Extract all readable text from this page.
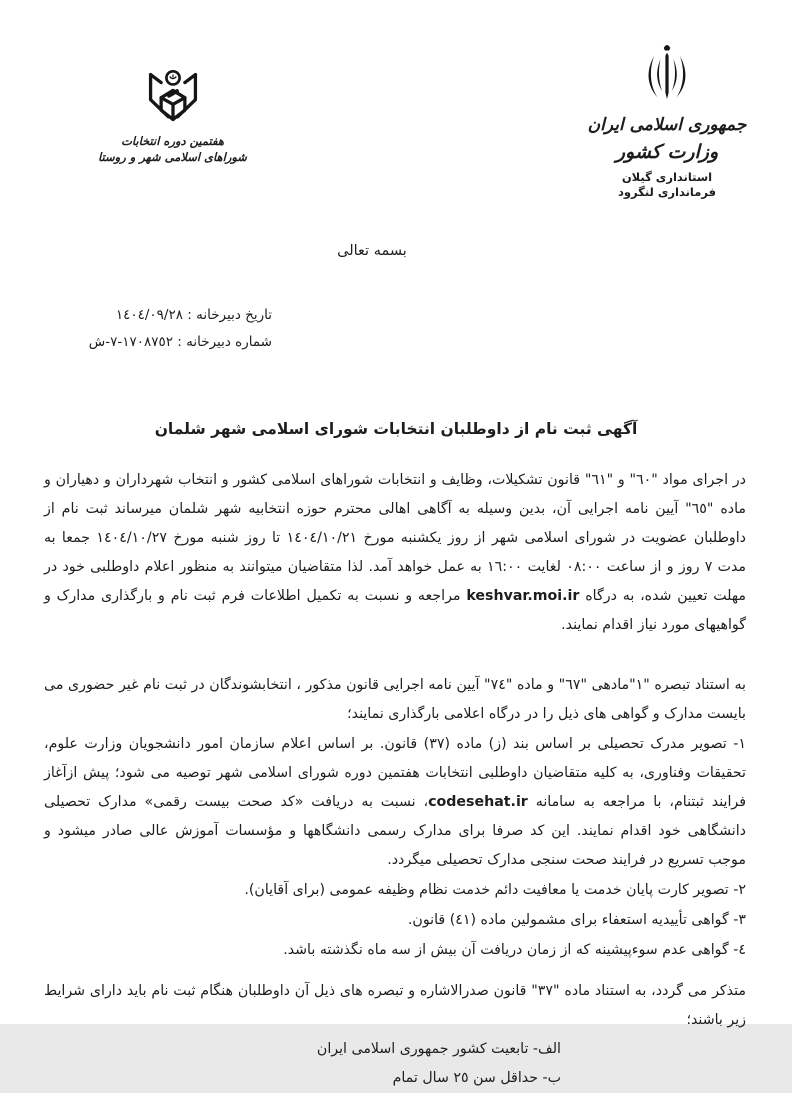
جمهوری اسلامی ایران
وزارت کشور
استانداری گیلان
فرمانداری لنگرود
هفتمین دوره انتخابات
شوراهای اسلامی شهر و روستا
بسمه تعالی
تاریخ دبیرخانه : ١٤٠٤/٠٩/٢٨
شماره دبیرخانه : ١٧٠٨٧٥٢-٧-ش
آگهی ثبت نام از داوطلبان انتخابات شورای اسلامی شهر شلمان

در اجرای مواد "٦٠" و "٦١" قانون تشکیلات، وظایف و انتخابات شوراهای اسلامی کشور و انتخاب شهرداران و دهیاران و ماده "٦٥" آیین نامه اجرایی آن، بدین وسیله به آگاهی اهالی محترم حوزه انتخابیه شهر شلمان میرساند ثبت نام از داوطلبان عضویت در شورای اسلامی شهر از روز یکشنبه مورخ ١٤٠٤/١٠/٢١ تا روز شنبه مورخ ١٤٠٤/١٠/٢٧ جمعا به مدت ٧ روز و از ساعت ٠٨:٠٠ لغایت ١٦:٠٠ به عمل خواهد آمد. لذا متقاضیان میتوانند به منظور اعلام داوطلبی خود در مهلت تعیین شده، به درگاه keshvar.moi.ir مراجعه و نسبت به تکمیل اطلاعات فرم ثبت نام و بارگذاری مدارک و گواهیهای مورد نیاز اقدام نمایند.

به استناد تبصره "١"مادهی "٦٧" و ماده "٧٤" آیین نامه اجرایی قانون مذکور ، انتخابشوندگان در ثبت نام غیر حضوری می بایست مدارک و گواهی های ذیل را در درگاه اعلامی بارگذاری نمایند؛

١- تصویر مدرک تحصیلی بر اساس بند (ز) ماده (٣٧) قانون. بر اساس اعلام سازمان امور دانشجویان وزارت علوم، تحقیقات وفناوری، به کلیه متقاضیان داوطلبی انتخابات هفتمین دوره شورای اسلامی شهر توصیه می شود؛ پیش ازآغاز فرایند ثبتنام، با مراجعه به سامانه codesehat.ir، نسبت به دریافت «کد صحت بیست رقمی» مدارک تحصیلی دانشگاهی خود اقدام نمایند. این کد صرفا برای مدارک رسمی دانشگاهها و مؤسسات آموزش عالی صادر میشود و موجب تسریع در فرایند صحت سنجی مدارک تحصیلی میگردد.

٢- تصویر کارت پایان خدمت یا معافیت دائم خدمت نظام وظیفه عمومی (برای آقایان).

٣- گواهی تأییدیه استعفاء برای مشمولین ماده (٤١) قانون.

٤- گواهی عدم سوءپیشینه که از زمان دریافت آن بیش از سه ماه نگذشته باشد.

متذکر می گردد، به استناد ماده "٣٧" قانون صدرالاشاره و تبصره های ذیل آن داوطلبان هنگام ثبت نام باید دارای شرایط زیر باشند؛

الف- تابعیت کشور جمهوری اسلامی ایران

ب- حداقل سن ٢٥ سال تمام
